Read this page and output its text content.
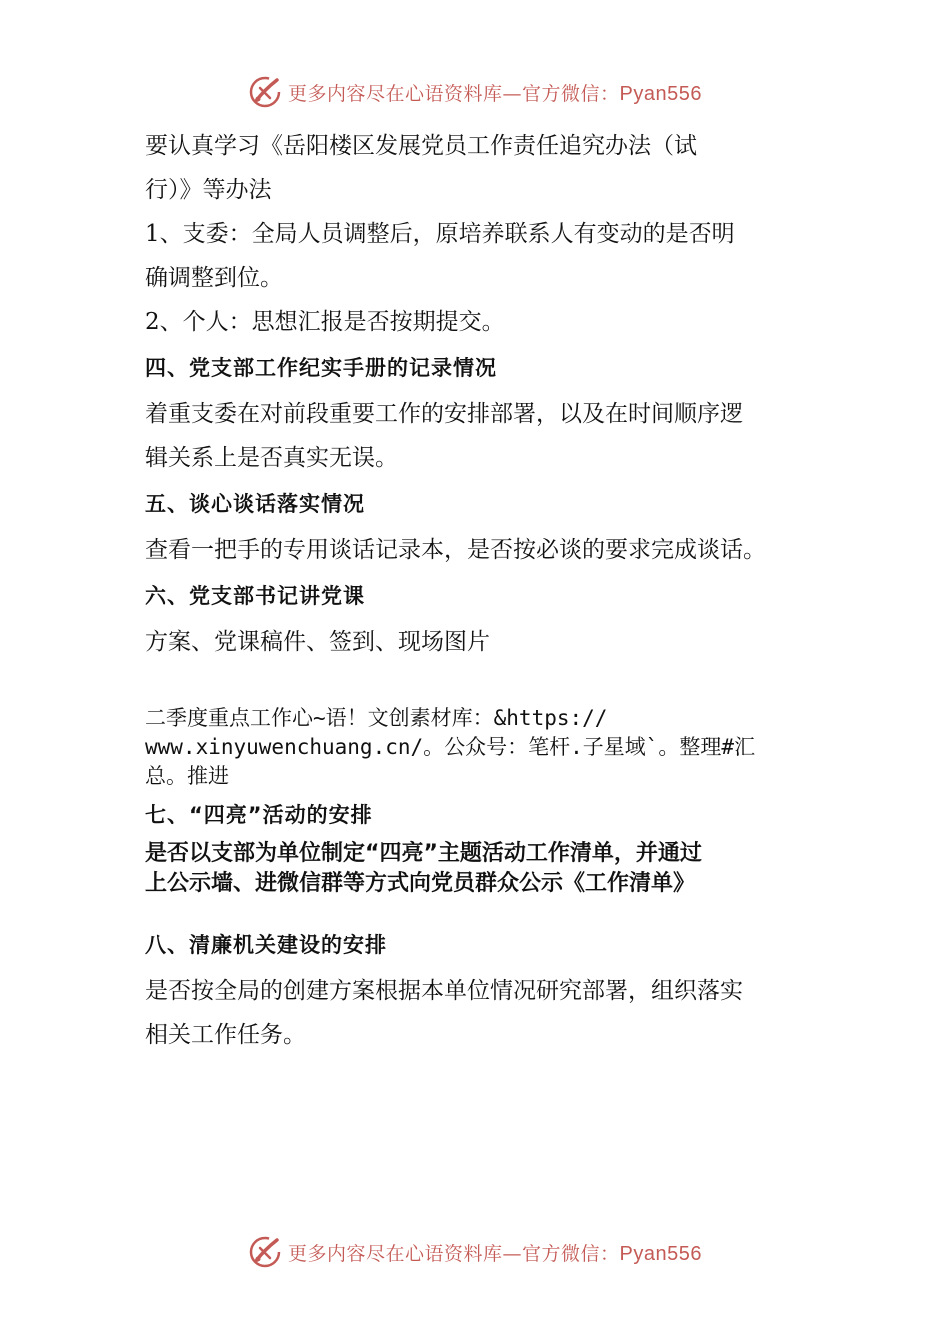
更多内容尽在心语资料库—官方微信：Pyan556

要认真学习《岳阳楼区发展党员工作责任追究办法（试

行）》等办法

1、支委：全局人员调整后，原培养联系人有变动的是否明

确调整到位。

2、个人：思想汇报是否按期提交。

四、党支部工作纪实手册的记录情况

着重支委在对前段重要工作的安排部署，以及在时间顺序逻

辑关系上是否真实无误。

五、谈心谈话落实情况

查看一把手的专用谈话记录本，是否按必谈的要求完成谈话。

六、党支部书记讲党课

方案、党课稿件、签到、现场图片

二季度重点工作心~语！文创素材库：&https://

www.xinyuwenchuang.cn/。公众号：笔杆.子星域`。整理#汇

总。推进

七、“四亮”活动的安排

是否以支部为单位制定“四亮”主题活动工作清单，并通过

上公示墙、进微信群等方式向党员群众公示《工作清单》

八、清廉机关建设的安排

是否按全局的创建方案根据本单位情况研究部署，组织落实

相关工作任务。

更多内容尽在心语资料库—官方微信：Pyan556
